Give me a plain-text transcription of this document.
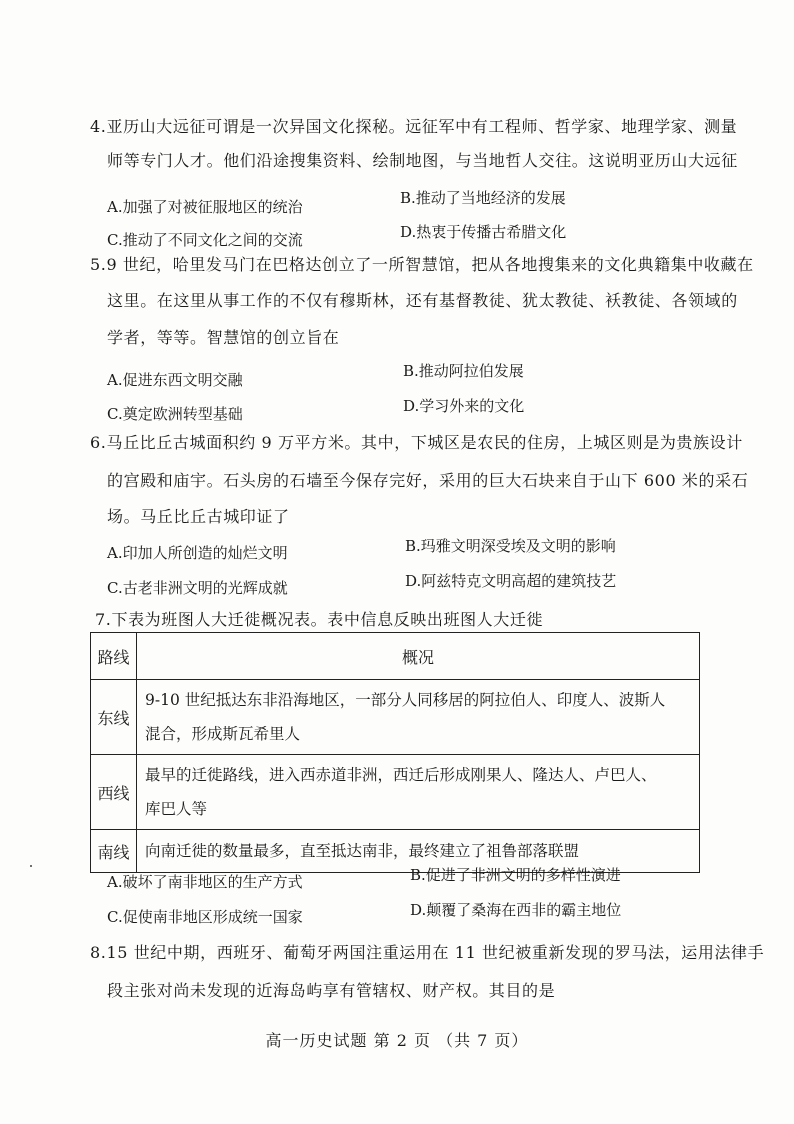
4.亚历山大远征可谓是一次异国文化探秘。远征军中有工程师、哲学家、地理学家、测量
师等专门人才。他们沿途搜集资料、绘制地图，与当地哲人交往。这说明亚历山大远征
A.加强了对被征服地区的统治	B.推动了当地经济的发展
C.推动了不同文化之间的交流	D.热衷于传播古希腊文化
5.9 世纪，哈里发马门在巴格达创立了一所智慧馆，把从各地搜集来的文化典籍集中收藏在
这里。在这里从事工作的不仅有穆斯林，还有基督教徒、犹太教徒、袄教徒、各领域的
学者，等等。智慧馆的创立旨在
A.促进东西文明交融	B.推动阿拉伯发展
C.奠定欧洲转型基础	D.学习外来的文化
6.马丘比丘古城面积约 9 万平方米。其中，下城区是农民的住房，上城区则是为贵族设计
的宫殿和庙宇。石头房的石墙至今保存完好，采用的巨大石块来自于山下 600 米的采石
场。马丘比丘古城印证了
A.印加人所创造的灿烂文明	B.玛雅文明深受埃及文明的影响
C.古老非洲文明的光辉成就	D.阿兹特克文明高超的建筑技艺
7.下表为班图人大迁徙概况表。表中信息反映出班图人大迁徙
路线	概况
东线	9-10 世纪抵达东非沿海地区，一部分人同移居的阿拉伯人、印度人、波斯人
混合，形成斯瓦希里人

西线	最早的迁徙路线，进入西赤道非洲，西迁后形成刚果人、隆达人、卢巴人、
库巴人等

南线	向南迁徙的数量最多，直至抵达南非，最终建立了祖鲁部落联盟
A.破坏了南非地区的生产方式	B.促进了非洲文明的多样性演进
C.促使南非地区形成统一国家	D.颠覆了桑海在西非的霸主地位
8.15 世纪中期，西班牙、葡萄牙两国注重运用在 11 世纪被重新发现的罗马法，运用法律手
段主张对尚未发现的近海岛屿享有管辖权、财产权。其目的是
高一历史试题 第 2 页 （共 7 页）
